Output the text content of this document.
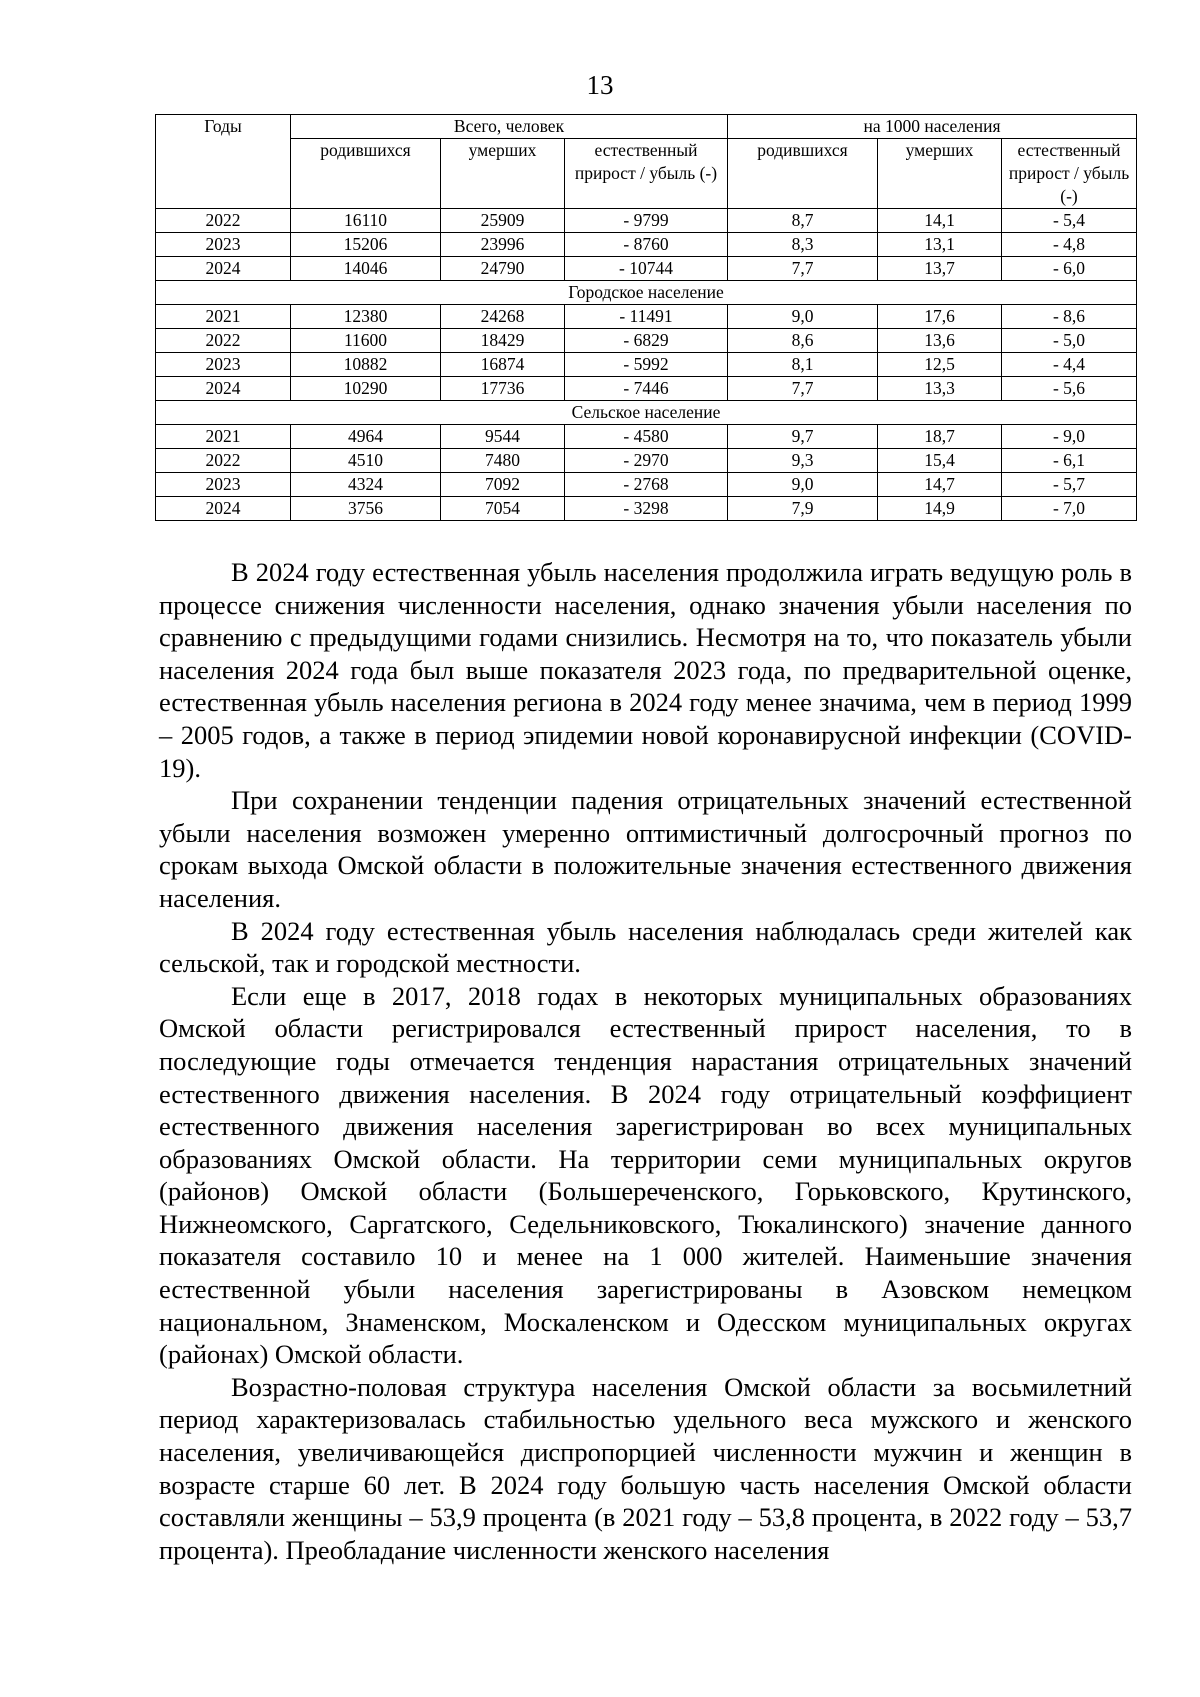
13
Годы	Всего, человек			на 1000 населения		
	родившихся	умерших	естественный прирост / убыль (-)	родившихся	умерших	естественный прирост / убыль (-)
2022	16110	25909	- 9799	8,7	14,1	- 5,4
2023	15206	23996	- 8760	8,3	13,1	- 4,8
2024	14046	24790	- 10744	7,7	13,7	- 6,0
Городское население						
2021	12380	24268	- 11491	9,0	17,6	- 8,6
2022	11600	18429	- 6829	8,6	13,6	- 5,0
2023	10882	16874	- 5992	8,1	12,5	- 4,4
2024	10290	17736	- 7446	7,7	13,3	- 5,6
Сельское население						
2021	4964	9544	- 4580	9,7	18,7	- 9,0
2022	4510	7480	- 2970	9,3	15,4	- 6,1
2023	4324	7092	- 2768	9,0	14,7	- 5,7
2024	3756	7054	- 3298	7,9	14,9	- 7,0

В 2024 году естественная убыль населения продолжила играть ведущую роль в процессе снижения численности населения, однако значения убыли населения по сравнению с предыдущими годами снизились. Несмотря на то, что показатель убыли населения 2024 года был выше показателя 2023 года, по предварительной оценке, естественная убыль населения региона в 2024 году менее значима, чем в период 1999 – 2005 годов, а также в период эпидемии новой коронавирусной инфекции (COVID-19).

При сохранении тенденции падения отрицательных значений естественной убыли населения возможен умеренно оптимистичный долгосрочный прогноз по срокам выхода Омской области в положительные значения естественного движения населения.

В 2024 году естественная убыль населения наблюдалась среди жителей как сельской, так и городской местности.

Если еще в 2017, 2018 годах в некоторых муниципальных образованиях Омской области регистрировался естественный прирост населения, то в последующие годы отмечается тенденция нарастания отрицательных значений естественного движения населения. В 2024 году отрицательный коэффициент естественного движения населения зарегистрирован во всех муниципальных образованиях Омской области. На территории семи муниципальных округов (районов) Омской области (Большереченского, Горьковского, Крутинского, Нижнеомского, Саргатского, Седельниковского, Тюкалинского) значение данного показателя составило 10 и менее на 1 000 жителей. Наименьшие значения естественной убыли населения зарегистрированы в Азовском немецком национальном, Знаменском, Москаленском и Одесском муниципальных округах (районах) Омской области.

Возрастно-половая структура населения Омской области за восьмилетний период характеризовалась стабильностью удельного веса мужского и женского населения, увеличивающейся диспропорцией численности мужчин и женщин в возрасте старше 60 лет. В 2024 году большую часть населения Омской области составляли женщины – 53,9 процента (в 2021 году – 53,8 процента, в 2022 году – 53,7 процента). Преобладание численности женского населения
